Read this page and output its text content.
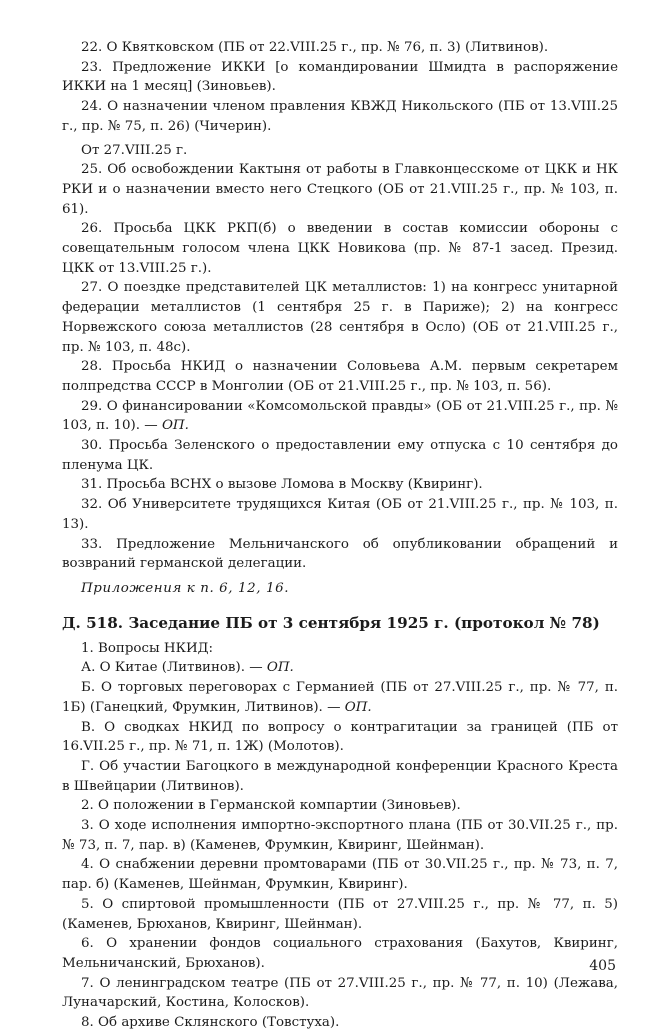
22. О Квятковском (ПБ от 22.VIII.25 г., пр. № 76, п. 3) (Литвинов).

23. Предложение ИККИ [о командировании Шмидта в распоряжение ИККИ на 1 месяц] (Зиновьев).

24. О назначении членом правления КВЖД Никольского (ПБ от 13.VIII.25 г., пр. № 75, п. 26) (Чичерин).

От 27.VIII.25 г.

25. Об освобождении Кактыня от работы в Главконцесскоме от ЦКК и НК РКИ и о назначении вместо него Стецкого (ОБ от 21.VIII.25 г., пр. № 103, п. 61).

26. Просьба ЦКК РКП(б) о введении в состав комиссии обороны с совещательным голосом члена ЦКК Новикова (пр. № 87-1 засед. Презид. ЦКК от 13.VIII.25 г.).

27. О поездке представителей ЦК металлистов: 1) на конгресс унитарной федерации металлистов (1 сентября 25 г. в Париже); 2) на конгресс Норвежского союза металлистов (28 сентября в Осло) (ОБ от 21.VIII.25 г., пр. № 103, п. 48с).

28. Просьба НКИД о назначении Соловьева А.М. первым секретарем полпредства СССР в Монголии (ОБ от 21.VIII.25 г., пр. № 103, п. 56).

29. О финансировании «Комсомольской правды» (ОБ от 21.VIII.25 г., пр. № 103, п. 10). — ОП.

30. Просьба Зеленского о предоставлении ему отпуска с 10 сентября до пленума ЦК.

31. Просьба ВСНХ о вызове Ломова в Москву (Квиринг).

32. Об Университете трудящихся Китая (ОБ от 21.VIII.25 г., пр. № 103, п. 13).

33. Предложение Мельничанского об опубликовании обращений и возвраний германской делегации.

Приложения к п. 6, 12, 16.

Д. 518. Заседание ПБ от 3 сентября 1925 г. (протокол № 78)

1. Вопросы НКИД:

А. О Китае (Литвинов). — ОП.

Б. О торговых переговорах с Германией (ПБ от 27.VIII.25 г., пр. № 77, п. 1Б) (Ганецкий, Фрумкин, Литвинов). — ОП.

В. О сводках НКИД по вопросу о контрагитации за границей (ПБ от 16.VII.25 г., пр. № 71, п. 1Ж) (Молотов).

Г. Об участии Багоцкого в международной конференции Красного Креста в Швейцарии (Литвинов).

2. О положении в Германской компартии (Зиновьев).

3. О ходе исполнения импортно-экспортного плана (ПБ от 30.VII.25 г., пр. № 73, п. 7, пар. в) (Каменев, Фрумкин, Квиринг, Шейнман).

4. О снабжении деревни промтоварами (ПБ от 30.VII.25 г., пр. № 73, п. 7, пар. б) (Каменев, Шейнман, Фрумкин, Квиринг).

5. О спиртовой промышленности (ПБ от 27.VIII.25 г., пр. № 77, п. 5) (Каменев, Брюханов, Квиринг, Шейнман).

6. О хранении фондов социального страхования (Бахутов, Квиринг, Мельничанский, Брюханов).

7. О ленинградском театре (ПБ от 27.VIII.25 г., пр. № 77, п. 10) (Лежава, Луначарский, Костина, Колосков).

8. Об архиве Склянского (Товстуха).

405
